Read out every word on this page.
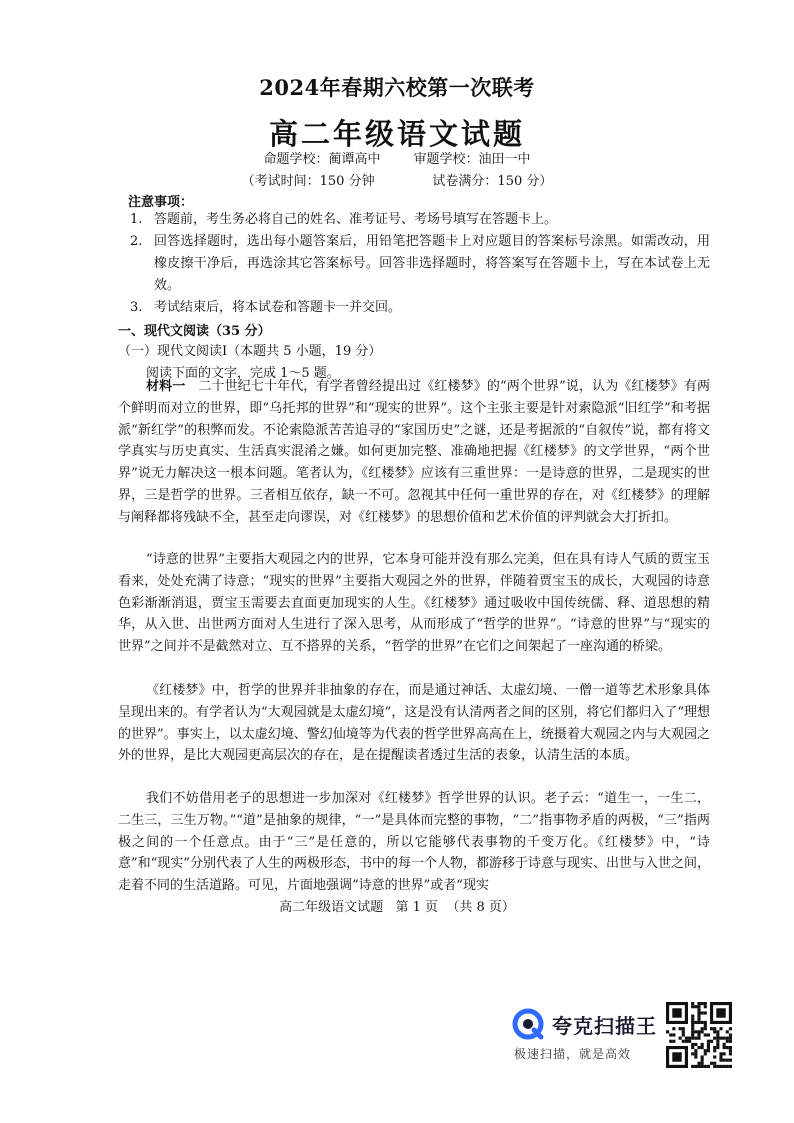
2024年春期六校第一次联考
高二年级语文试题
命题学校：蔺谭高中        审题学校：油田一中
（考试时间：150 分钟              试卷满分：150 分）
注意事项：
1. 答题前，考生务必将自己的姓名、准考证号、考场号填写在答题卡上。
2. 回答选择题时，选出每小题答案后，用铅笔把答题卡上对应题目的答案标号涂黑。如需改动，用橡皮擦干净后，再选涂其它答案标号。回答非选择题时，将答案写在答题卡上，写在本试卷上无效。
3. 考试结束后，将本试卷和答题卡一并交回。
一、现代文阅读（35 分）
（一）现代文阅读Ⅰ（本题共 5 小题，19 分）
阅读下面的文字，完成 1～5 题。

材料一　二十世纪七十年代，有学者曾经提出过《红楼梦》的“两个世界”说，认为《红楼梦》有两个鲜明而对立的世界，即“乌托邦的世界”和“现实的世界”。这个主张主要是针对索隐派“旧红学”和考据派“新红学”的积弊而发。不论索隐派苦苦追寻的“家国历史”之谜，还是考据派的“自叙传”说，都有将文学真实与历史真实、生活真实混淆之嫌。如何更加完整、准确地把握《红楼梦》的文学世界，“两个世界”说无力解决这一根本问题。笔者认为，《红楼梦》应该有三重世界：一是诗意的世界，二是现实的世界，三是哲学的世界。三者相互依存，缺一不可。忽视其中任何一重世界的存在，对《红楼梦》的理解与阐释都将残缺不全，甚至走向谬误，对《红楼梦》的思想价值和艺术价值的评判就会大打折扣。

“诗意的世界”主要指大观园之内的世界，它本身可能并没有那么完美，但在具有诗人气质的贾宝玉看来，处处充满了诗意；“现实的世界”主要指大观园之外的世界，伴随着贾宝玉的成长，大观园的诗意色彩渐渐消退，贾宝玉需要去直面更加现实的人生。《红楼梦》通过吸收中国传统儒、释、道思想的精华，从入世、出世两方面对人生进行了深入思考，从而形成了“哲学的世界”。“诗意的世界”与“现实的世界”之间并不是截然对立、互不搭界的关系，“哲学的世界”在它们之间架起了一座沟通的桥梁。

《红楼梦》中，哲学的世界并非抽象的存在，而是通过神话、太虚幻境、一僧一道等艺术形象具体呈现出来的。有学者认为“大观园就是太虚幻境”，这是没有认清两者之间的区别，将它们都归入了“理想的世界”。事实上，以太虚幻境、警幻仙境等为代表的哲学世界高高在上，统摄着大观园之内与大观园之外的世界，是比大观园更高层次的存在，是在提醒读者透过生活的表象，认清生活的本质。

我们不妨借用老子的思想进一步加深对《红楼梦》哲学世界的认识。老子云：“道生一，一生二，二生三，三生万物。”“道”是抽象的规律，“一”是具体而完整的事物，“二”指事物矛盾的两极，“三”指两极之间的一个任意点。由于“三”是任意的，所以它能够代表事物的千变万化。《红楼梦》中，“诗意”和“现实”分别代表了人生的两极形态，书中的每一个人物，都游移于诗意与现实、出世与入世之间，走着不同的生活道路。可见，片面地强调“诗意的世界”或者“现实

高二年级语文试题   第 1 页  （共 8 页）
夸克扫描王
极速扫描，就是高效
